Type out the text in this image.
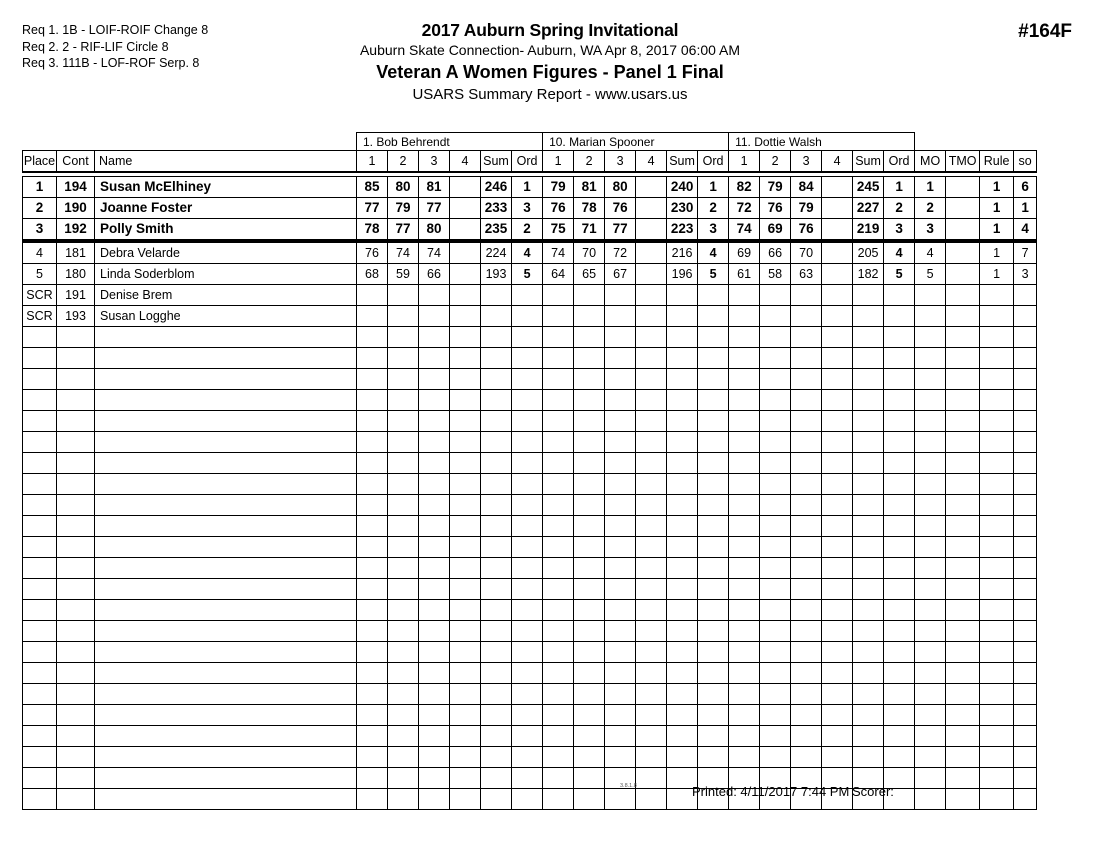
Req 1. 1B - LOIF-ROIF Change 8
Req 2. 2 - RIF-LIF Circle 8
Req 3. 111B - LOF-ROF Serp. 8
2017 Auburn Spring Invitational
Auburn Skate Connection- Auburn, WA Apr 8, 2017 06:00 AM
Veteran A Women Figures - Panel 1 Final
USARS Summary Report - www.usars.us
#164F
			1. Bob Behrendt						10. Marian Spooner						11. Dottie Walsh									
Place	Cont	Name	1	2	3	4	Sum	Ord	1	2	3	4	Sum	Ord	1	2	3	4	Sum	Ord	MO	TMO	Rule	so

1	194	Susan McElhiney	85	80	81		246	1	79	81	80		240	1	82	79	84		245	1	1		1	6
2	190	Joanne Foster	77	79	77		233	3	76	78	76		230	2	72	76	79		227	2	2		1	1
3	192	Polly Smith	78	77	80		235	2	75	71	77		223	3	74	69	76		219	3	3		1	4
4	181	Debra Velarde	76	74	74		224	4	74	70	72		216	4	69	66	70		205	4	4		1	7
5	180	Linda Soderblom	68	59	66		193	5	64	65	67		196	5	61	58	63		182	5	5		1	3
SCR	191	Denise Brem																						
SCR	193	Susan Logghe																						

3.8.1.8	Printed: 4/11/2017 7:44 PM Scorer:
